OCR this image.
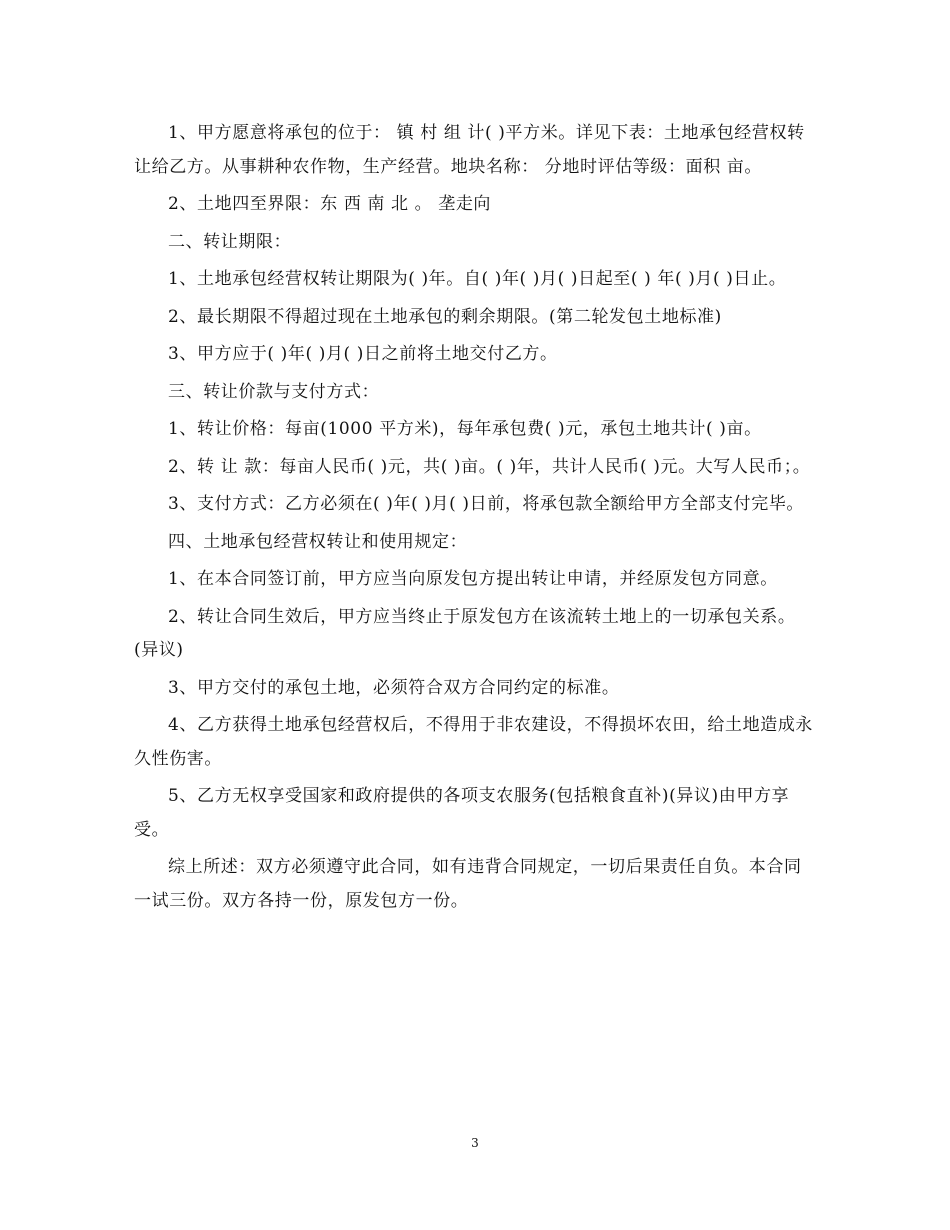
1、甲方愿意将承包的位于： 镇 村 组 计( )平方米。详见下表：土地承包经营权转让给乙方。从事耕种农作物，生产经营。地块名称： 分地时评估等级：面积 亩。

2、土地四至界限：东 西 南 北 。 垄走向

二、转让期限：

1、土地承包经营权转让期限为( )年。自( )年( )月( )日起至( ) 年( )月( )日止。

2、最长期限不得超过现在土地承包的剩余期限。(第二轮发包土地标准)

3、甲方应于( )年( )月( )日之前将土地交付乙方。

三、转让价款与支付方式：

1、转让价格：每亩(1000 平方米)，每年承包费( )元，承包土地共计( )亩。

2、转 让 款：每亩人民币( )元，共( )亩。( )年，共计人民币( )元。大写人民币；。

3、支付方式：乙方必须在( )年( )月( )日前，将承包款全额给甲方全部支付完毕。

四、土地承包经营权转让和使用规定：

1、在本合同签订前，甲方应当向原发包方提出转让申请，并经原发包方同意。

2、转让合同生效后，甲方应当终止于原发包方在该流转土地上的一切承包关系。(异议)

3、甲方交付的承包土地，必须符合双方合同约定的标准。

4、乙方获得土地承包经营权后，不得用于非农建设，不得损坏农田，给土地造成永久性伤害。

5、乙方无权享受国家和政府提供的各项支农服务(包括粮食直补)(异议)由甲方享受。

综上所述：双方必须遵守此合同，如有违背合同规定，一切后果责任自负。本合同一试三份。双方各持一份，原发包方一份。

3
